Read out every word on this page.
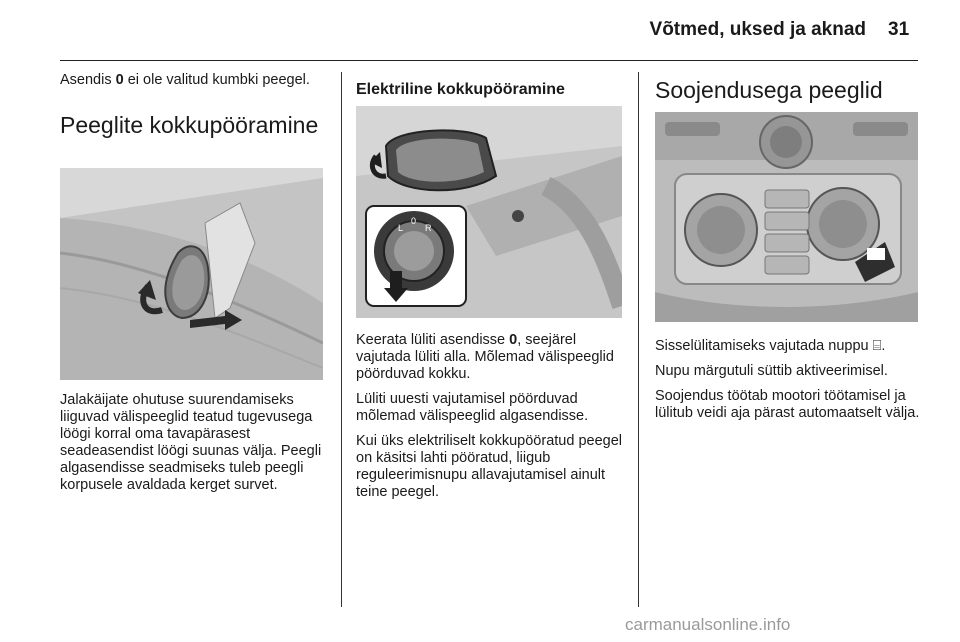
Võtmed, uksed ja aknad 31

Asendis 0 ei ole valitud kumbki peegel.

Peeglite kokkupööramine

Jalakäijate ohutuse suurendamiseks liiguvad välispeeglid teatud tugevusega löögi korral oma tavapärasest seadeasendist löögi suunas välja. Peegli algasendisse seadmiseks tuleb peegli korpusele avaldada kerget survet.

Elektriline kokkupööramine
L
0
R

Keerata lüliti asendisse 0, seejärel vajutada lüliti alla. Mõlemad välispeeglid pöörduvad kokku.

Lüliti uuesti vajutamisel pöörduvad mõlemad välispeeglid algasendisse.

Kui üks elektriliselt kokkupööratud peegel on käsitsi lahti pööratud, liigub reguleerimisnupu allavajutamisel ainult teine peegel.

Soojendusega peeglid

Sisselülitamiseks vajutada nuppu ⌸.

Nupu märgutuli süttib aktiveerimisel.

Soojendus töötab mootori töötamisel ja lülitub veidi aja pärast automaatselt välja.

carmanualsonline.info
